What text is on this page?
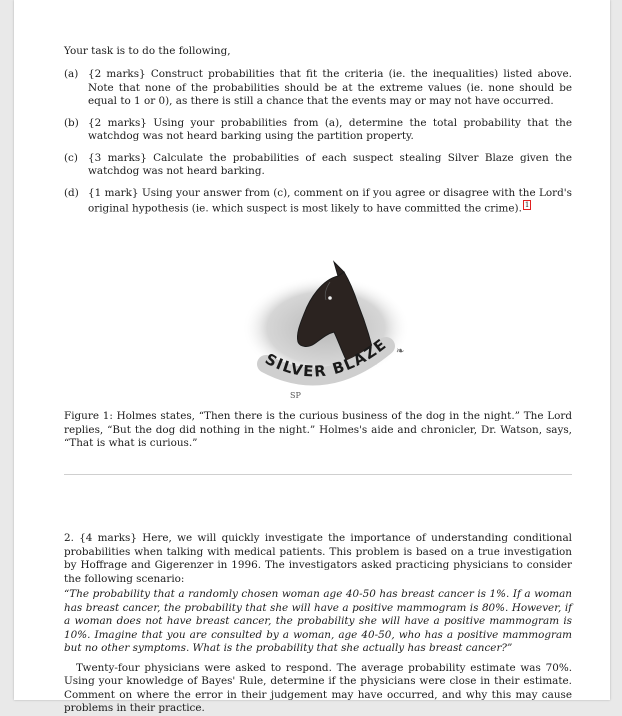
Your task is to do the following,

(a) {2 marks} Construct probabilities that fit the criteria (ie. the inequalities) listed above. Note that none of the probabilities should be at the extreme values (ie. none should be equal to 1 or 0), as there is still a chance that the events may or may not have occurred.
(b) {2 marks} Using your probabilities from (a), determine the total probability that the watchdog was not heard barking using the partition property.
(c) {3 marks} Calculate the probabilities of each suspect stealing Silver Blaze given the watchdog was not heard barking.
(d) {1 mark} Using your answer from (c), comment on if you agree or disagree with the Lord's original hypothesis (ie. which suspect is most likely to have committed the crime). 1
SILVER BLAZE
SP
❧

Figure 1: Holmes states, “Then there is the curious business of the dog in the night.” The Lord replies, “But the dog did nothing in the night.” Holmes's aide and chronicler, Dr. Watson, says, “That is what is curious.”

2. {4 marks} Here, we will quickly investigate the importance of understanding conditional probabilities when talking with medical patients. This problem is based on a true investigation by Hoffrage and Gigerenzer in 1996. The investigators asked practicing physicians to consider the following scenario:

“The probability that a randomly chosen woman age 40-50 has breast cancer is 1%. If a woman has breast cancer, the probability that she will have a positive mammogram is 80%. However, if a woman does not have breast cancer, the probability she will have a positive mammogram is 10%. Imagine that you are consulted by a woman, age 40-50, who has a positive mammogram but no other symptoms. What is the probability that she actually has breast cancer?”

Twenty-four physicians were asked to respond. The average probability estimate was 70%. Using your knowledge of Bayes' Rule, determine if the physicians were close in their estimate. Comment on where the error in their judgement may have occurred, and why this may cause problems in their practice.
